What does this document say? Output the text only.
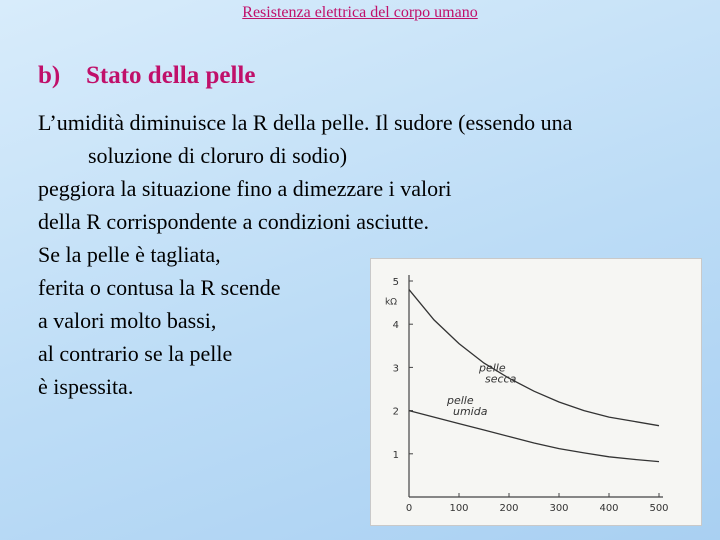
Resistenza elettrica del corpo umano
b) Stato della pelle
L’umidità diminuisce la R della pelle. Il sudore (essendo una
soluzione di cloruro di sodio)
peggiora la situazione fino a dimezzare i valori
della R corrispondente a condizioni asciutte.
Se la pelle è tagliata,
ferita o contusa la R scende
a valori molto bassi,
al contrario se la pelle
è ispessita.
0	100	200	300	400	500
1
2
3
4
5
kΩ
pelle
secca
pelle
umida
